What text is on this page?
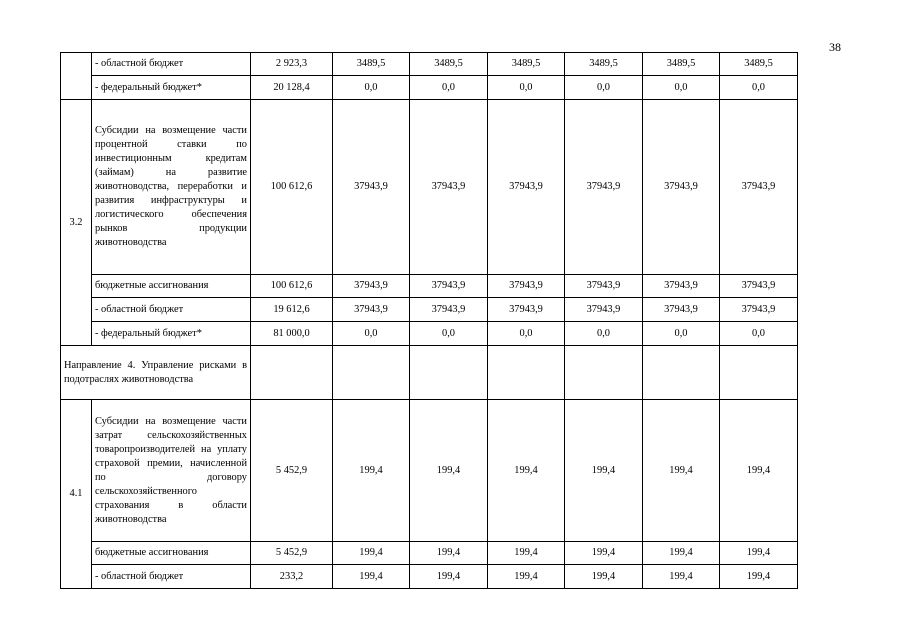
38
	- областной бюджет	2 923,3	3489,5	3489,5	3489,5	3489,5	3489,5	3489,5
	- федеральный бюджет*	20 128,4	0,0	0,0	0,0	0,0	0,0	0,0
3.2	Субсидии на возмещение части процентной ставки по инвестиционным кредитам (займам) на развитие животноводства, переработки и развития инфраструктуры и логистического обеспечения рынков продукции животноводства	100 612,6	37943,9	37943,9	37943,9	37943,9	37943,9	37943,9
	бюджетные ассигнования	100 612,6	37943,9	37943,9	37943,9	37943,9	37943,9	37943,9
	- областной бюджет	19 612,6	37943,9	37943,9	37943,9	37943,9	37943,9	37943,9
	- федеральный бюджет*	81 000,0	0,0	0,0	0,0	0,0	0,0	0,0
Направление 4. Управление рисками в подотраслях животноводства								
4.1	Субсидии на возмещение части затрат сельскохозяйственных товаропроизводителей на уплату страховой премии, начисленной по договору сельскохозяйственного страхования в области животноводства	5 452,9	199,4	199,4	199,4	199,4	199,4	199,4
	бюджетные ассигнования	5 452,9	199,4	199,4	199,4	199,4	199,4	199,4
	- областной бюджет	233,2	199,4	199,4	199,4	199,4	199,4	199,4
